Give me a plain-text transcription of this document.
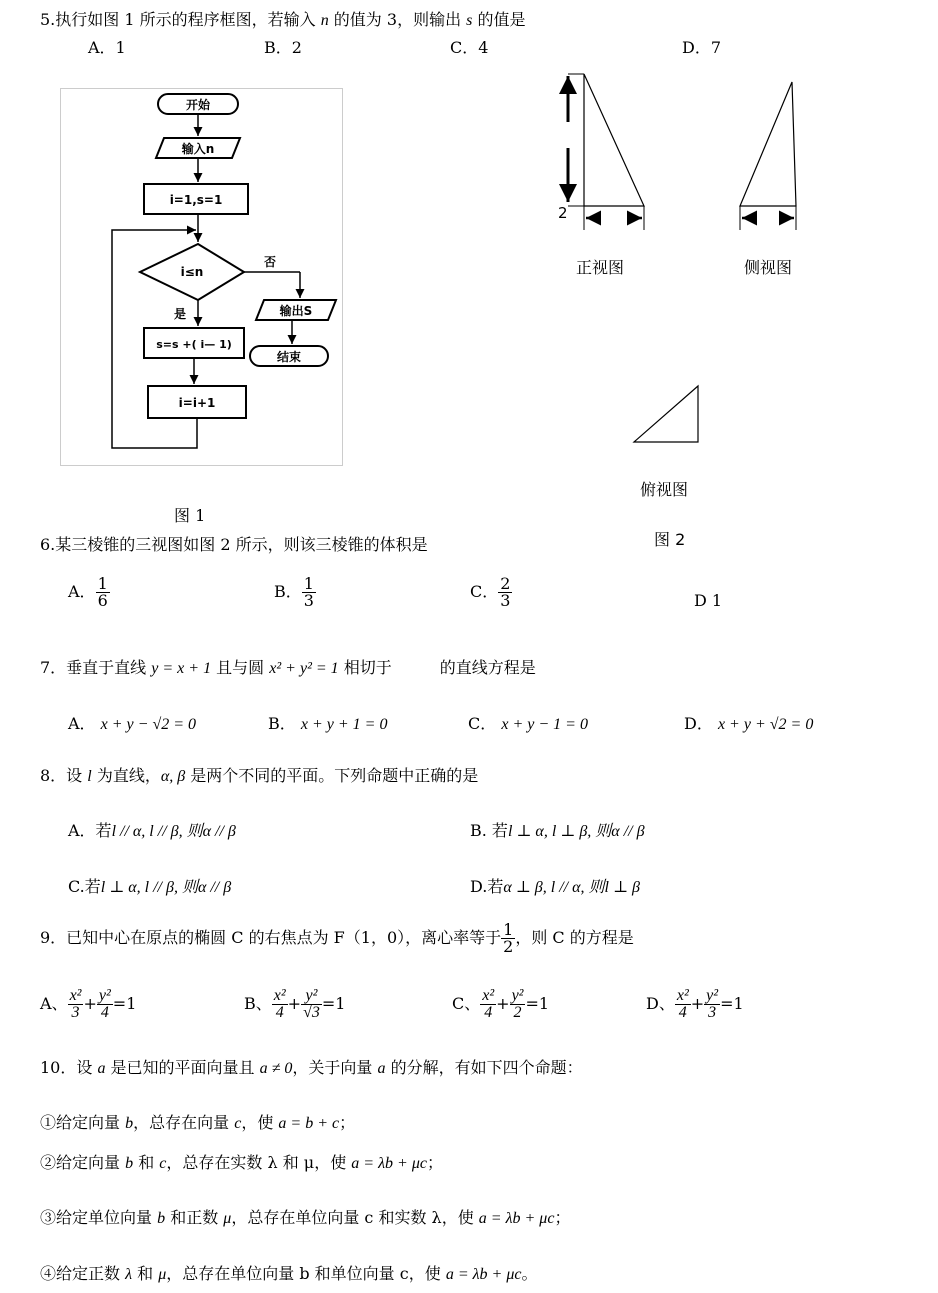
5.执行如图 1 所示的程序框图，若输入 n 的值为 3，则输出 s 的值是
A．1	B．2	C．4	D．7
开始
输入n
i=1,s=1
i≤n
否
输出S
结束
是
s=s +( i— 1)
i=i+1
图 1
2
正视图	侧视图
俯视图
图 2
6.某三棱锥的三视图如图 2 所示，则该三棱锥的体积是
A． $\frac{1}{6}$	B． $\frac{1}{3}$	C． $\frac{2}{3}$	D 1
7．垂直于直线 y = x + 1 且与圆 x² + y² = 1 相切于	的直线方程是
A． x + y − √2 = 0	B． x + y + 1 = 0	C． x + y − 1 = 0	D． x + y + √2 = 0
8．设 l 为直线，α, β 是两个不同的平面。下列命题中正确的是
A．若l // α, l // β, 则α // β	B. 若l ⊥ α, l ⊥ β, 则α // β
C.若l ⊥ α, l // β, 则α // β	D.若α ⊥ β, l // α, 则l ⊥ β
9．已知中心在原点的椭圆 C 的右焦点为 F（1，0），离心率等于 $\frac{1}{2}$ ，则 C 的方程是
A、 $\frac{\text{x²}}{3} + \frac{\text{y²}}{4} =1$	B、 $\frac{\text{x²}}{4} + \frac{\text{y²}}{√3} =1$	C、 $\frac{\text{x²}}{4} + \frac{\text{y²}}{2} =1$	D、 $\frac{\text{x²}}{4} + \frac{\text{y²}}{3} =1$
10．设 a 是已知的平面向量且 a ≠ 0，关于向量 a 的分解，有如下四个命题：
①给定向量 b，总存在向量 c，使 a = b + c；
②给定向量 b 和 c，总存在实数 λ 和 μ，使 a = λb + μc；
③给定单位向量 b 和正数 μ，总存在单位向量 c 和实数 λ，使 a = λb + μc；
④给定正数 λ 和 μ，总存在单位向量 b 和单位向量 c，使 a = λb + μc。
